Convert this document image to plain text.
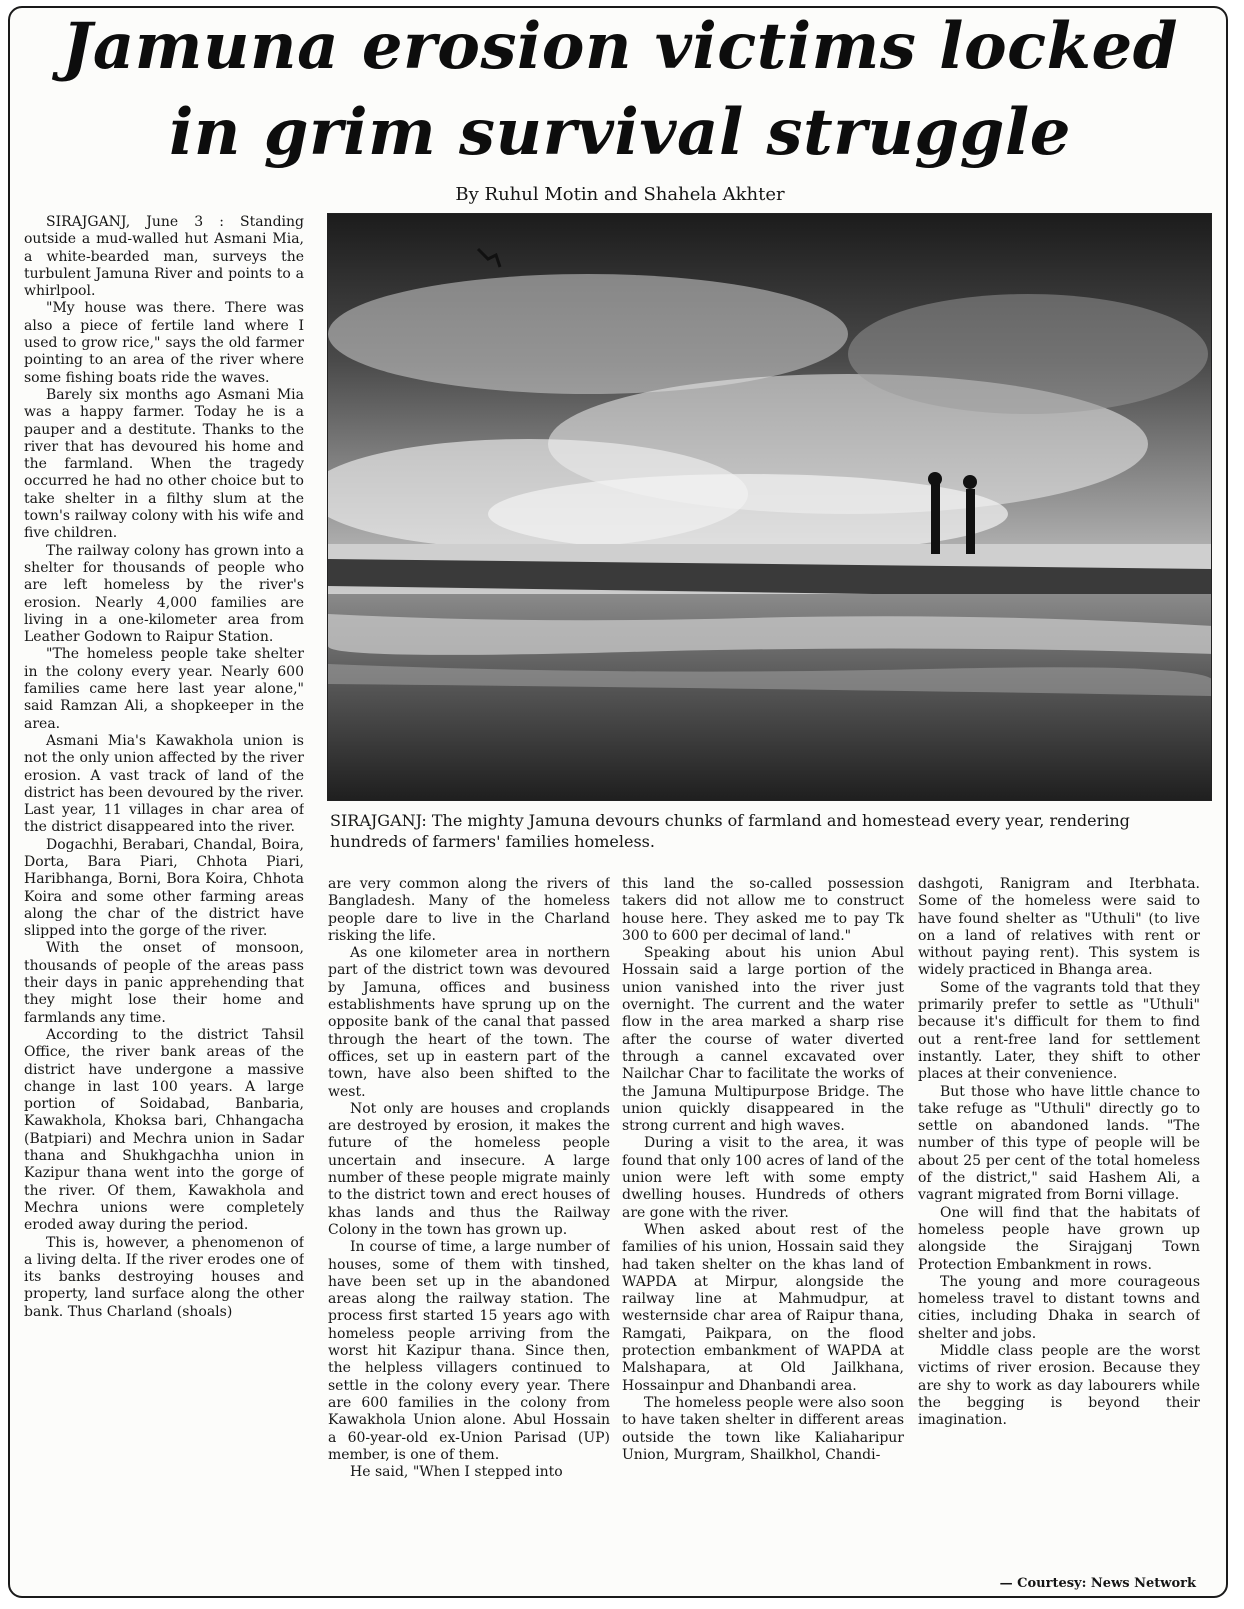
Jamuna erosion victims locked
in grim survival struggle

By Ruhul Motin and Shahela Akhter

SIRAJGANJ, June 3 : Standing outside a mud-walled hut Asmani Mia, a white-bearded man, surveys the turbulent Jamuna River and points to a whirlpool.

"My house was there. There was also a piece of fertile land where I used to grow rice," says the old farmer pointing to an area of the river where some fishing boats ride the waves.

Barely six months ago Asmani Mia was a happy farmer. Today he is a pauper and a destitute. Thanks to the river that has devoured his home and the farmland. When the tragedy occurred he had no other choice but to take shelter in a filthy slum at the town's railway colony with his wife and five children.

The railway colony has grown into a shelter for thousands of people who are left homeless by the river's erosion. Nearly 4,000 families are living in a one-kilometer area from Leather Godown to Raipur Station.

"The homeless people take shelter in the colony every year. Nearly 600 families came here last year alone," said Ramzan Ali, a shopkeeper in the area.

Asmani Mia's Kawakhola union is not the only union affected by the river erosion. A vast track of land of the district has been devoured by the river. Last year, 11 villages in char area of the district disappeared into the river.

Dogachhi, Berabari, Chandal, Boira, Dorta, Bara Piari, Chhota Piari, Haribhanga, Borni, Bora Koira, Chhota Koira and some other farming areas along the char of the district have slipped into the gorge of the river.

With the onset of monsoon, thousands of people of the areas pass their days in panic apprehending that they might lose their home and farmlands any time.

According to the district Tahsil Office, the river bank areas of the district have undergone a massive change in last 100 years. A large portion of Soidabad, Banbaria, Kawakhola, Khoksa bari, Chhangacha (Batpiari) and Mechra union in Sadar thana and Shukhgachha union in Kazipur thana went into the gorge of the river. Of them, Kawakhola and Mechra unions were completely eroded away during the period.

This is, however, a phenomenon of a living delta. If the river erodes one of its banks destroying houses and property, land surface along the other bank. Thus Charland (shoals)

SIRAJGANJ: The mighty Jamuna devours chunks of farmland and homestead every year, rendering hundreds of farmers' families homeless.

are very common along the rivers of Bangladesh. Many of the homeless people dare to live in the Charland risking the life.

As one kilometer area in northern part of the district town was devoured by Jamuna, offices and business establishments have sprung up on the opposite bank of the canal that passed through the heart of the town. The offices, set up in eastern part of the town, have also been shifted to the west.

Not only are houses and croplands are destroyed by erosion, it makes the future of the homeless people uncertain and insecure. A large number of these people migrate mainly to the district town and erect houses of khas lands and thus the Railway Colony in the town has grown up.

In course of time, a large number of houses, some of them with tinshed, have been set up in the abandoned areas along the railway station. The process first started 15 years ago with homeless people arriving from the worst hit Kazipur thana. Since then, the helpless villagers continued to settle in the colony every year. There are 600 families in the colony from Kawakhola Union alone. Abul Hossain a 60-year-old ex-Union Parisad (UP) member, is one of them.

He said, "When I stepped into

this land the so-called possession takers did not allow me to construct house here. They asked me to pay Tk 300 to 600 per decimal of land."

Speaking about his union Abul Hossain said a large portion of the union vanished into the river just overnight. The current and the water flow in the area marked a sharp rise after the course of water diverted through a cannel excavated over Nailchar Char to facilitate the works of the Jamuna Multipurpose Bridge. The union quickly disappeared in the strong current and high waves.

During a visit to the area, it was found that only 100 acres of land of the union were left with some empty dwelling houses. Hundreds of others are gone with the river.

When asked about rest of the families of his union, Hossain said they had taken shelter on the khas land of WAPDA at Mirpur, alongside the railway line at Mahmudpur, at westernside char area of Raipur thana, Ramgati, Paikpara, on the flood protection embankment of WAPDA at Malshapara, at Old Jailkhana, Hossainpur and Dhanbandi area.

The homeless people were also soon to have taken shelter in different areas outside the town like Kaliaharipur Union, Murgram, Shailkhol, Chandi-

dashgoti, Ranigram and Iterbhata. Some of the homeless were said to have found shelter as "Uthuli" (to live on a land of relatives with rent or without paying rent). This system is widely practiced in Bhanga area.

Some of the vagrants told that they primarily prefer to settle as "Uthuli" because it's difficult for them to find out a rent-free land for settlement instantly. Later, they shift to other places at their convenience.

But those who have little chance to take refuge as "Uthuli" directly go to settle on abandoned lands. "The number of this type of people will be about 25 per cent of the total homeless of the district," said Hashem Ali, a vagrant migrated from Borni village.

One will find that the habitats of homeless people have grown up alongside the Sirajganj Town Protection Embankment in rows.

The young and more courageous homeless travel to distant towns and cities, including Dhaka in search of shelter and jobs.

Middle class people are the worst victims of river erosion. Because they are shy to work as day labourers while the begging is beyond their imagination.

— Courtesy: News Network
